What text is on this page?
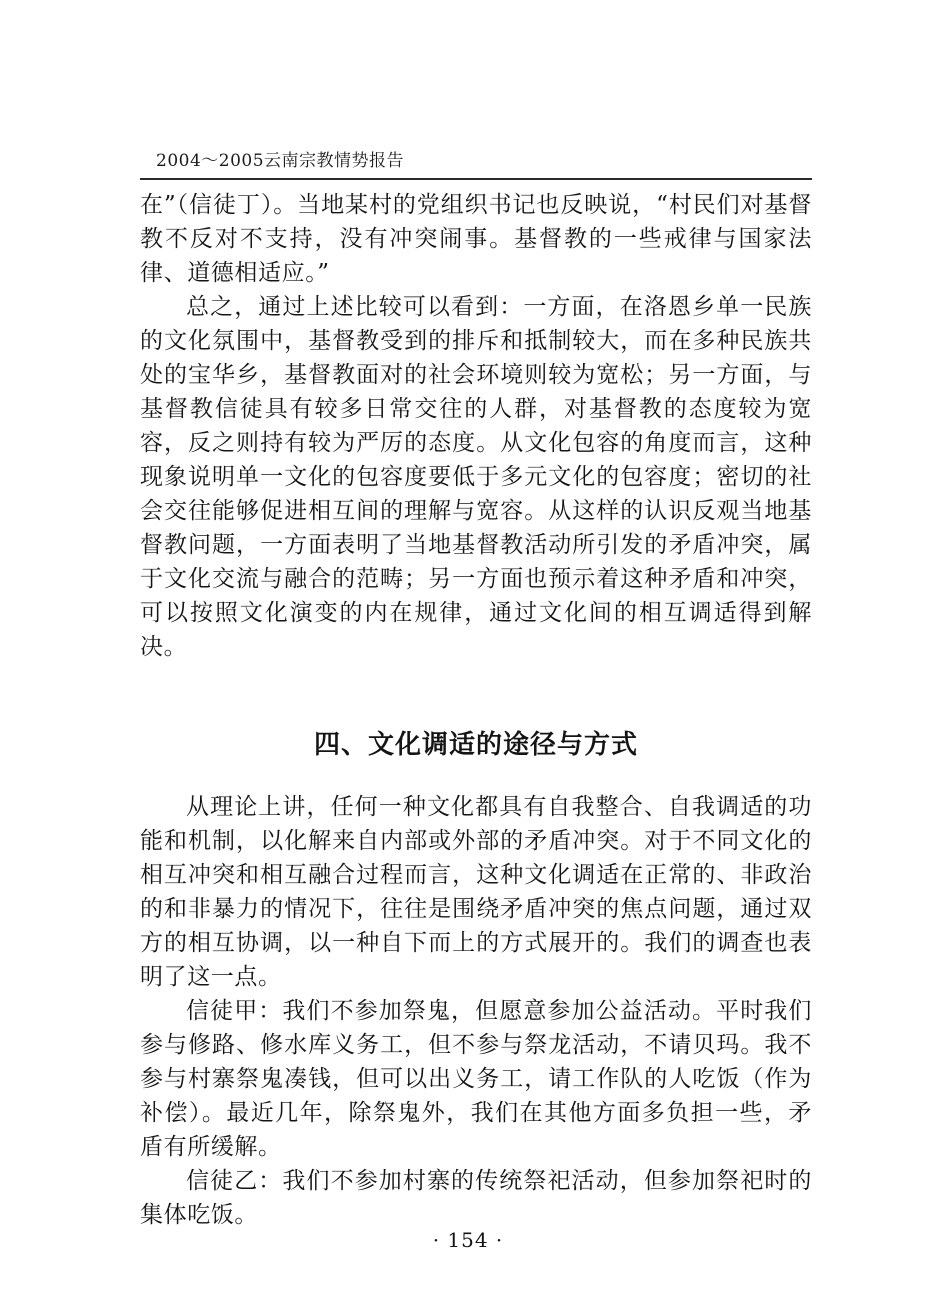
2004～2005云南宗教情势报告

在”（信徒丁）。当地某村的党组织书记也反映说，“村民们对基督教不反对不支持，没有冲突闹事。基督教的一些戒律与国家法律、道德相适应。”

总之，通过上述比较可以看到：一方面，在洛恩乡单一民族的文化氛围中，基督教受到的排斥和抵制较大，而在多种民族共处的宝华乡，基督教面对的社会环境则较为宽松；另一方面，与基督教信徒具有较多日常交往的人群，对基督教的态度较为宽容，反之则持有较为严厉的态度。从文化包容的角度而言，这种现象说明单一文化的包容度要低于多元文化的包容度；密切的社会交往能够促进相互间的理解与宽容。从这样的认识反观当地基督教问题，一方面表明了当地基督教活动所引发的矛盾冲突，属于文化交流与融合的范畴；另一方面也预示着这种矛盾和冲突，可以按照文化演变的内在规律，通过文化间的相互调适得到解决。

四、文化调适的途径与方式

从理论上讲，任何一种文化都具有自我整合、自我调适的功能和机制，以化解来自内部或外部的矛盾冲突。对于不同文化的相互冲突和相互融合过程而言，这种文化调适在正常的、非政治的和非暴力的情况下，往往是围绕矛盾冲突的焦点问题，通过双方的相互协调，以一种自下而上的方式展开的。我们的调查也表明了这一点。

信徒甲：我们不参加祭鬼，但愿意参加公益活动。平时我们参与修路、修水库义务工，但不参与祭龙活动，不请贝玛。我不参与村寨祭鬼凑钱，但可以出义务工，请工作队的人吃饭（作为补偿）。最近几年，除祭鬼外，我们在其他方面多负担一些，矛盾有所缓解。

信徒乙：我们不参加村寨的传统祭祀活动，但参加祭祀时的集体吃饭。

· 154 ·
